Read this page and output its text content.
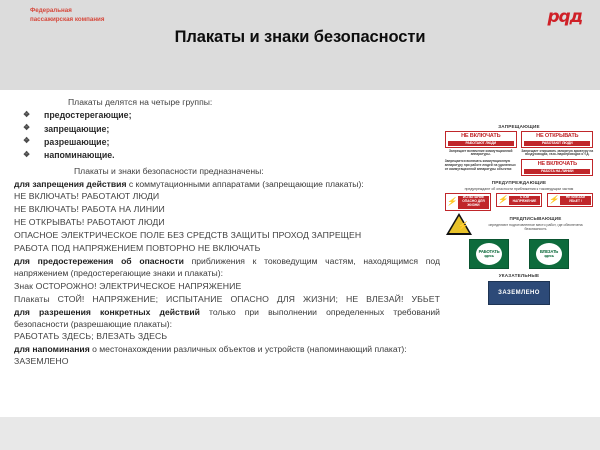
Плакаты и знаки безопасности
Плакаты делятся на четыре группы:
❖ предостерегающие;
❖ запрещающие;
❖ разрешающие;
❖ напоминающие.
Плакаты и знаки безопасности предназначены:

для запрещения действия с коммутационными аппаратами (запрещающие плакаты):

НЕ ВКЛЮЧАТЬ! РАБОТАЮТ ЛЮДИ

НЕ ВКЛЮЧАТЬ! РАБОТА НА ЛИНИИ

НЕ ОТКРЫВАТЬ! РАБОТАЮТ ЛЮДИ

ОПАСНОЕ ЭЛЕКТРИЧЕСКОЕ ПОЛЕ БЕЗ СРЕДСТВ ЗАЩИТЫ ПРОХОД ЗАПРЕЩЕН

РАБОТА ПОД НАПРЯЖЕНИЕМ ПОВТОРНО НЕ ВКЛЮЧАТЬ

для предостережения об опасности приближения к токоведущим частям, находящимся под напряжением (предостерегающие знаки и плакаты):

Знак ОСТОРОЖНО! ЭЛЕКТРИЧЕСКОЕ НАПРЯЖЕНИЕ

Плакаты СТОЙ! НАПРЯЖЕНИЕ; ИСПЫТАНИЕ ОПАСНО ДЛЯ ЖИЗНИ; НЕ ВЛЕЗАЙ! УБЬЕТ

для разрешения конкретных действий только при выполнении определенных требований безопасности (разрешающие плакаты):

РАБОТАТЬ ЗДЕСЬ; ВЛЕЗАТЬ ЗДЕСЬ

для напоминания о местонахождении различных объектов и устройств (напоминающий плакат):

ЗАЗЕМЛЕНО

ЗАПРЕЩАЮЩИЕ
НЕ ВКЛЮЧАТЬ
РАБОТАЮТ ЛЮДИ
Запрещает включение коммутационной аппаратуры.
НЕ ОТКРЫВАТЬ
РАБОТАЮТ ЛЮДИ
Запрещает открывать запорную арматуру на воздуховодах, газо-/паропроводах и т.д.
Запрещается включать коммутационную аппаратуру при работе людей на удаленных от коммутационной аппаратуры объектах
НЕ ВКЛЮЧАТЬ
РАБОТА НА ЛИНИИ
ПРЕДУПРЕЖДАЮЩИЕ
предупреждают об опасности приближения к токоведущим частям
⚡	ИСПЫТАНИЕ ОПАСНО ДЛЯ ЖИЗНИ
⚡	СТОЙ НАПРЯЖЕНИЕ	⚡	НЕ ВЛЕЗАЙ УБЬЕТ !
⚡
ПРЕДПИСЫВАЮЩИЕ
определяют подготовленное место работ, где обеспечена безопасность
РАБОТАТЬ
здесь
ВЛЕЗАТЬ
здесь
УКАЗАТЕЛЬНЫЕ
ЗАЗЕМЛЕНО
Федеральная
пассажирская компания	рqд
